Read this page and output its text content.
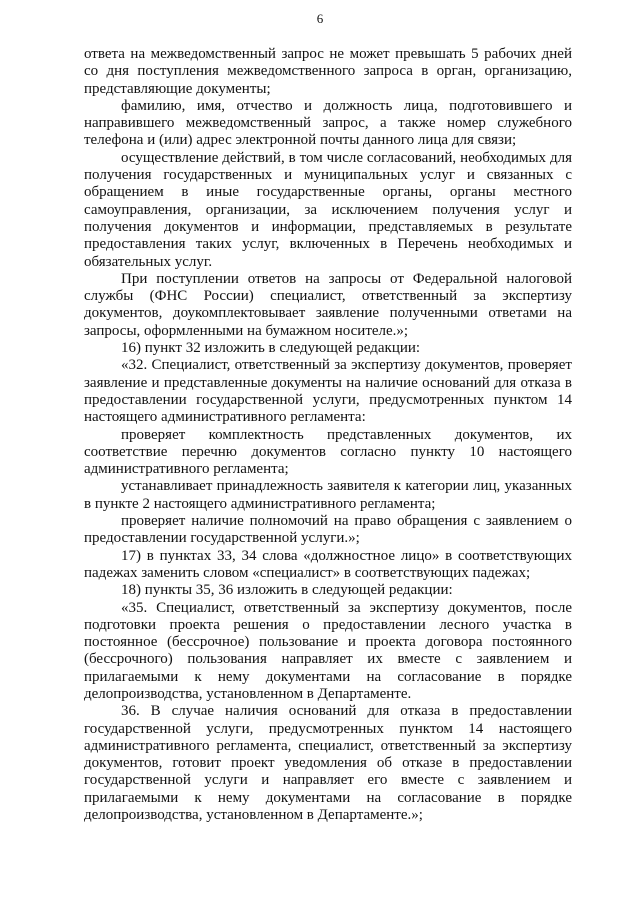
6

ответа на межведомственный запрос не может превышать 5 рабочих дней со дня поступления межведомственного запроса в орган, организацию, представляющие документы;

фамилию, имя, отчество и должность лица, подготовившего и направившего межведомственный запрос, а также номер служебного телефона и (или) адрес электронной почты данного лица для связи;

осуществление действий, в том числе согласований, необходимых для получения государственных и муниципальных услуг и связанных с обращением в иные государственные органы, органы местного самоуправления, организации, за исключением получения услуг и получения документов и информации, представляемых в результате предоставления таких услуг, включенных в Перечень необходимых и обязательных услуг.

При поступлении ответов на запросы от Федеральной налоговой службы (ФНС России) специалист, ответственный за экспертизу документов, доукомплектовывает заявление полученными ответами на запросы, оформленными на бумажном носителе.»;

16) пункт 32 изложить в следующей редакции:

«32. Специалист, ответственный за экспертизу документов, проверяет заявление и представленные документы на наличие оснований для отказа в предоставлении государственной услуги, предусмотренных пунктом 14 настоящего административного регламента:

проверяет комплектность представленных документов, их соответствие перечню документов согласно пункту 10 настоящего административного регламента;

устанавливает принадлежность заявителя к категории лиц, указанных в пункте 2 настоящего административного регламента;

проверяет наличие полномочий на право обращения с заявлением о предоставлении государственной услуги.»;

17) в пунктах 33, 34 слова «должностное лицо» в соответствующих падежах заменить словом «специалист» в соответствующих падежах;

18) пункты 35, 36 изложить в следующей редакции:

«35. Специалист, ответственный за экспертизу документов, после подготовки проекта решения о предоставлении лесного участка в постоянное (бессрочное) пользование и проекта договора постоянного (бессрочного) пользования направляет их вместе с заявлением и прилагаемыми к нему документами на согласование в порядке делопроизводства, установленном в Департаменте.

36. В случае наличия оснований для отказа в предоставлении государственной услуги, предусмотренных пунктом 14 настоящего административного регламента, специалист, ответственный за экспертизу документов, готовит проект уведомления об отказе в предоставлении государственной услуги и направляет его вместе с заявлением и прилагаемыми к нему документами на согласование в порядке делопроизводства, установленном в Департаменте.»;
